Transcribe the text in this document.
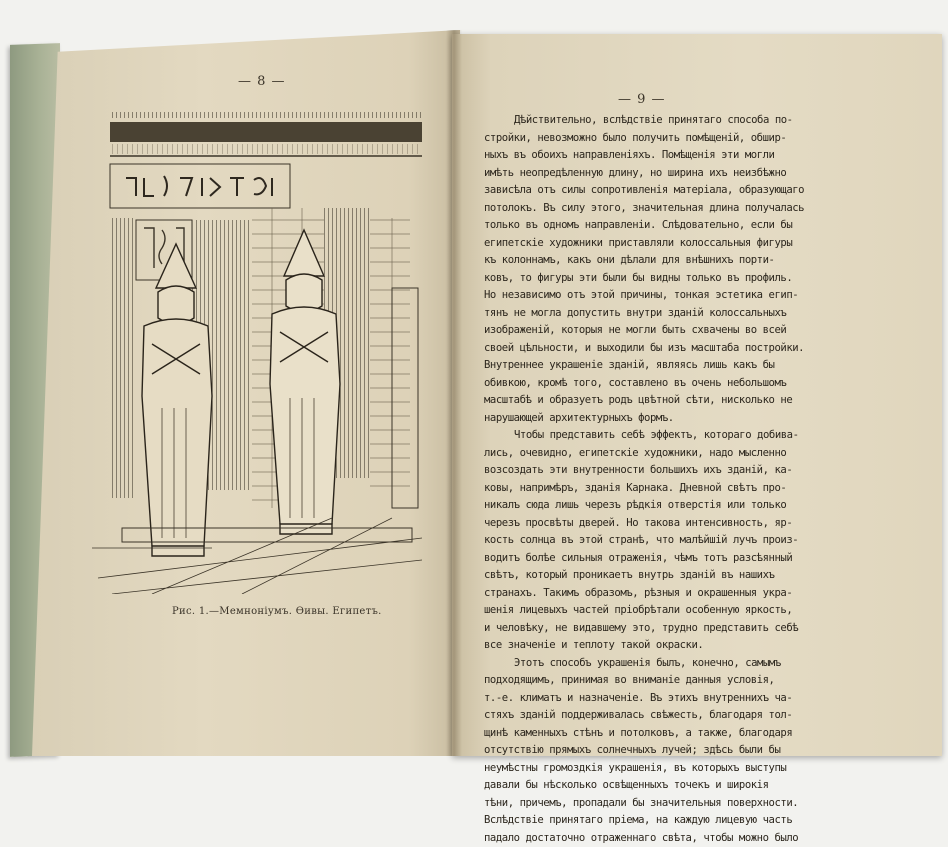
— 8 —
Рис. 1.—Мемноніумъ. Өивы. Египетъ.
— 9 —
Дѣйствительно, вслѣдствіе принятаго способа по-
стройки, невозможно было получить помѣщеній, обшир-
ныхъ въ обоихъ направленіяхъ. Помѣщенія эти могли
имѣть неопредѣленную длину, но ширина ихъ неизбѣжно
зависѣла отъ силы сопротивленія матеріала, образующаго
потолокъ. Въ силу этого, значительная длина получалась
только въ одномъ направленіи. Слѣдовательно, если бы
египетскіе художники приставляли колоссальныя фигуры
къ колоннамъ, какъ они дѣлали для внѣшнихъ порти-
ковъ, то фигуры эти были бы видны только въ профиль.
Но независимо отъ этой причины, тонкая эстетика егип-
тянъ не могла допустить внутри зданій колоссальныхъ
изображеній, которыя не могли быть схвачены во всей
своей цѣльности, и выходили бы изъ масштаба постройки.
Внутреннее украшеніе зданій, являясь лишь какъ бы
обивкою, кромѣ того, составлено въ очень небольшомъ
масштабѣ и образуетъ родъ цвѣтной сѣти, нисколько не
нарушающей архитектурныхъ формъ.
Чтобы представить себѣ эффектъ, котораго добива-
лись, очевидно, египетскіе художники, надо мысленно
возсоздать эти внутренности большихъ ихъ зданій, ка-
ковы, напримѣръ, зданія Карнака. Дневной свѣтъ про-
никалъ сюда лишь черезъ рѣдкія отверстія или только
черезъ просвѣты дверей. Но такова интенсивность, яр-
кость солнца въ этой странѣ, что малѣйшій лучъ произ-
водитъ болѣе сильныя отраженія, чѣмъ тотъ разсѣянный
свѣтъ, который проникаетъ внутрь зданій въ нашихъ
странахъ. Такимъ образомъ, рѣзныя и окрашенныя укра-
шенія лицевыхъ частей пріобрѣтали особенную яркость,
и человѣку, не видавшему это, трудно представить себѣ
все значеніе и теплоту такой окраски.
Этотъ способъ украшенія былъ, конечно, самымъ
подходящимъ, принимая во вниманіе данныя условія,
т.-е. климатъ и назначеніе. Въ этихъ внутреннихъ ча-
стяхъ зданій поддерживалась свѣжесть, благодаря тол-
щинѣ каменныхъ стѣнъ и потолковъ, а также, благодаря
отсутствію прямыхъ солнечныхъ лучей; здѣсь были бы
неумѣстны громоздкія украшенія, въ которыхъ выступы
давали бы нѣсколько освѣщенныхъ точекъ и широкія
тѣни, причемъ, пропадали бы значительныя поверхности.
Вслѣдствіе принятаго пріема, на каждую лицевую часть
падало достаточно отраженнаго свѣта, чтобы можно было
